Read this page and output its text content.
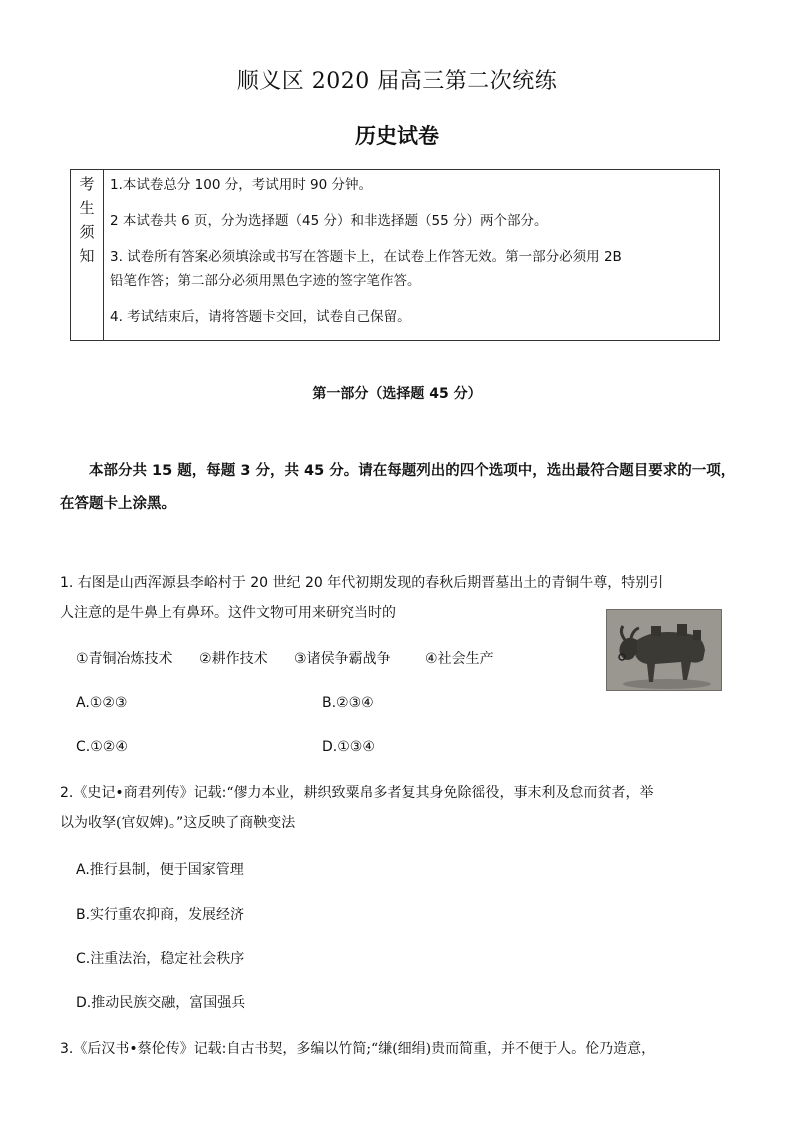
顺义区 2020 届高三第二次统练
历史试卷
考
生
须
知

1.本试卷总分 100 分，考试用时 90 分钟。

2 本试卷共 6 页，分为选择题（45 分）和非选择题（55 分）两个部分。

3. 试卷所有答案必须填涂或书写在答题卡上，在试卷上作答无效。第一部分必须用 2B

铅笔作答；第二部分必须用黑色字迹的签字笔作答。

4. 考试结束后，请将答题卡交回，试卷自己保留。

第一部分（选择题 45 分）
本部分共 15 题，每题 3 分，共 45 分。请在每题列出的四个选项中，选出最符合题目要求的一项，在答题卡上涂黑。
1. 右图是山西浑源县李峪村于 20 世纪 20 年代初期发现的春秋后期晋墓出土的青铜牛尊，特别引
人注意的是牛鼻上有鼻环。这件文物可用来研究当时的
①青铜冶炼技术 ②耕作技术 ③诸侯争霸战争 ④社会生产
A.①②③	B.②③④
C.①②④	D.①③④
2.《史记•商君列传》记载:“僇力本业，耕织致粟帛多者复其身免除徭役，事末利及怠而贫者，举
以为收孥(官奴婢)。”这反映了商鞅变法
A.推行县制，便于国家管理
B.实行重农抑商，发展经济
C.注重法治，稳定社会秩序
D.推动民族交融，富国强兵
3.《后汉书•蔡伦传》记载:自古书契，多编以竹简;“缣(细绢)贵而简重，并不便于人。伦乃造意，
